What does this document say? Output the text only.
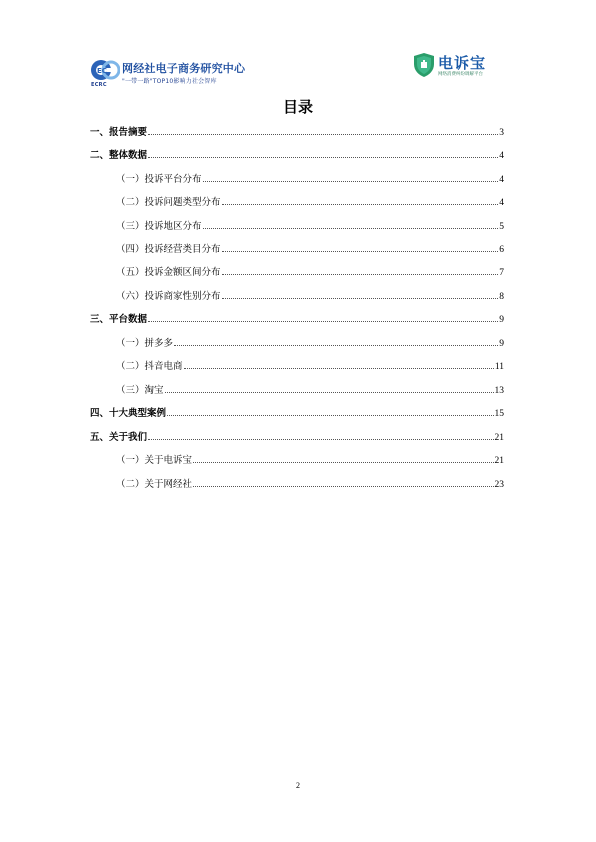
EC
ECRC
网经社电子商务研究中心
"一带一路"TOP10影响力社会智库
电诉宝
网络消费纠纷调解平台
目录
一、报告摘要	3
二、整体数据	4
（一）投诉平台分布	4
（二）投诉问题类型分布	4
（三）投诉地区分布	5
（四）投诉经营类目分布	6
（五）投诉金额区间分布	7
（六）投诉商家性别分布	8
三、平台数据	9
（一）拼多多	9
（二）抖音电商	11
（三）淘宝	13
四、十大典型案例	15
五、关于我们	21
（一）关于电诉宝	21
（二）关于网经社	23
2
